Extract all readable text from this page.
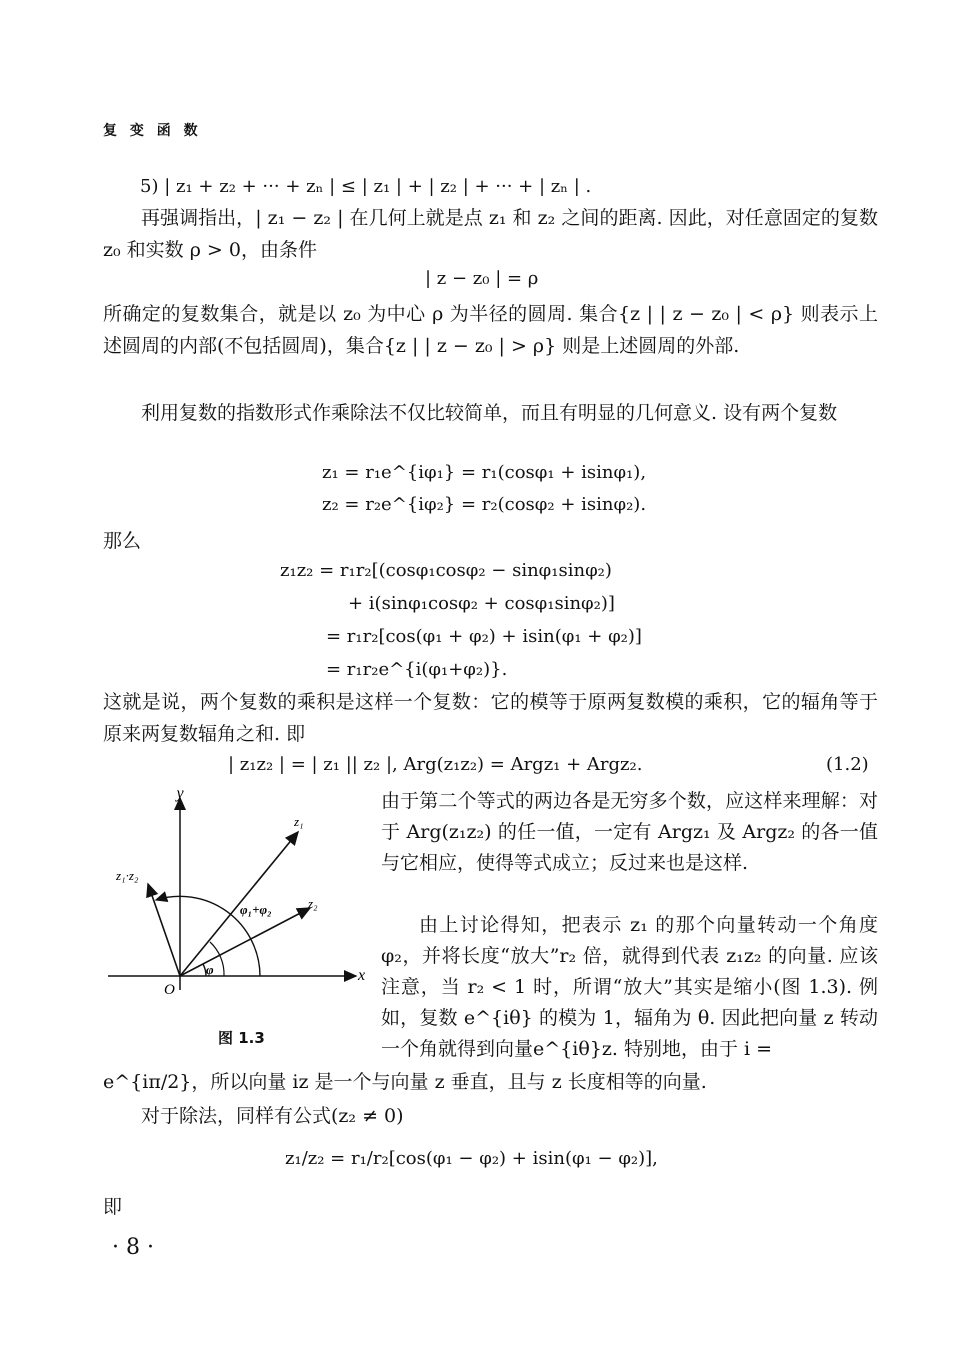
复 变 函 数
5) | z₁ + z₂ + ··· + zₙ | ≤ | z₁ | + | z₂ | + ··· + | zₙ | .
再强调指出，| z₁ − z₂ | 在几何上就是点 z₁ 和 z₂ 之间的距离. 因此，对任意固定的复数 z₀ 和实数 ρ > 0，由条件
| z − z₀ | = ρ
所确定的复数集合，就是以 z₀ 为中心 ρ 为半径的圆周. 集合{z | | z − z₀ | < ρ} 则表示上述圆周的内部(不包括圆周)，集合{z | | z − z₀ | > ρ} 则是上述圆周的外部.
利用复数的指数形式作乘除法不仅比较简单，而且有明显的几何意义. 设有两个复数
z₁ = r₁e^{iφ₁} = r₁(cosφ₁ + isinφ₁),
z₂ = r₂e^{iφ₂} = r₂(cosφ₂ + isinφ₂).
那么
z₁z₂ = r₁r₂[(cosφ₁cosφ₂ − sinφ₁sinφ₂)
+ i(sinφ₁cosφ₂ + cosφ₁sinφ₂)]
= r₁r₂[cos(φ₁ + φ₂) + isin(φ₁ + φ₂)]
= r₁r₂e^{i(φ₁+φ₂)}.
这就是说，两个复数的乘积是这样一个复数：它的模等于原两复数模的乘积，它的辐角等于原来两复数辐角之和. 即
| z₁z₂ | = | z₁ || z₂ |, Arg(z₁z₂) = Argz₁ + Argz₂.	(1.2)
由于第二个等式的两边各是无穷多个数，应这样来理解：对于 Arg(z₁z₂) 的任一值，一定有 Argz₁ 及 Argz₂ 的各一值与它相应，使得等式成立；反过来也是这样.
由上讨论得知，把表示 z₁ 的那个向量转动一个角度 φ₂，并将长度“放大”r₂ 倍，就得到代表 z₁z₂ 的向量. 应该注意，当 r₂ < 1 时，所谓“放大”其实是缩小(图 1.3). 例如，复数 e^{iθ} 的模为 1，辐角为 θ. 因此把向量 z 转动一个角就得到向量e^{iθ}z. 特别地，由于 i =
y
x
O
z₁
z₂
z₁·z₂
φ₁+φ₂
φ
图 1.3
e^{iπ/2}，所以向量 iz 是一个与向量 z 垂直，且与 z 长度相等的向量.
对于除法，同样有公式(z₂ ≠ 0)
z₁/z₂ = r₁/r₂[cos(φ₁ − φ₂) + isin(φ₁ − φ₂)],
即
· 8 ·
